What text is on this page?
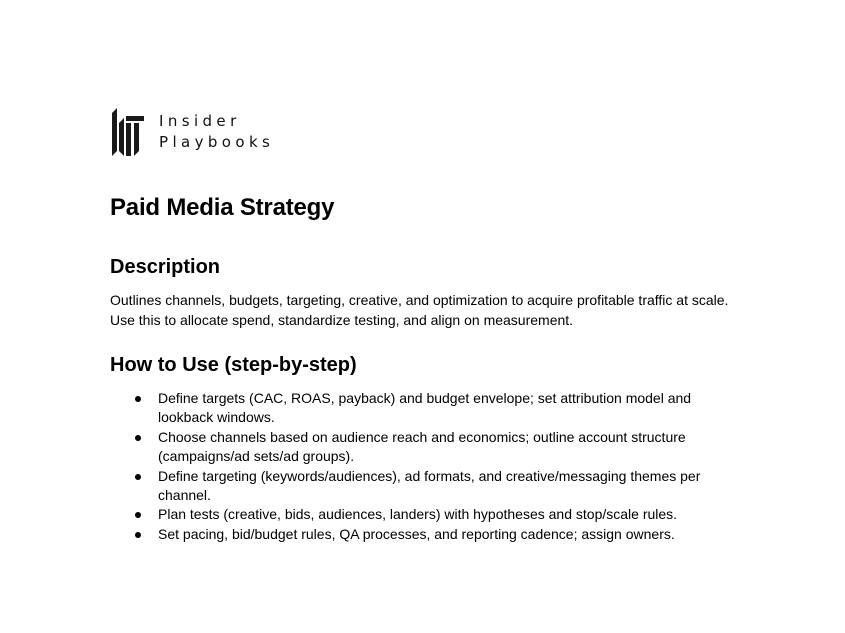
Insider
Playbooks
Paid Media Strategy
Description

Outlines channels, budgets, targeting, creative, and optimization to acquire profitable traffic at scale. Use this to allocate spend, standardize testing, and align on measurement.

How to Use (step-by-step)
Define targets (CAC, ROAS, payback) and budget envelope; set attribution model and lookback windows.
Choose channels based on audience reach and economics; outline account structure (campaigns/ad sets/ad groups).
Define targeting (keywords/audiences), ad formats, and creative/messaging themes per channel.
Plan tests (creative, bids, audiences, landers) with hypotheses and stop/scale rules.
Set pacing, bid/budget rules, QA processes, and reporting cadence; assign owners.
